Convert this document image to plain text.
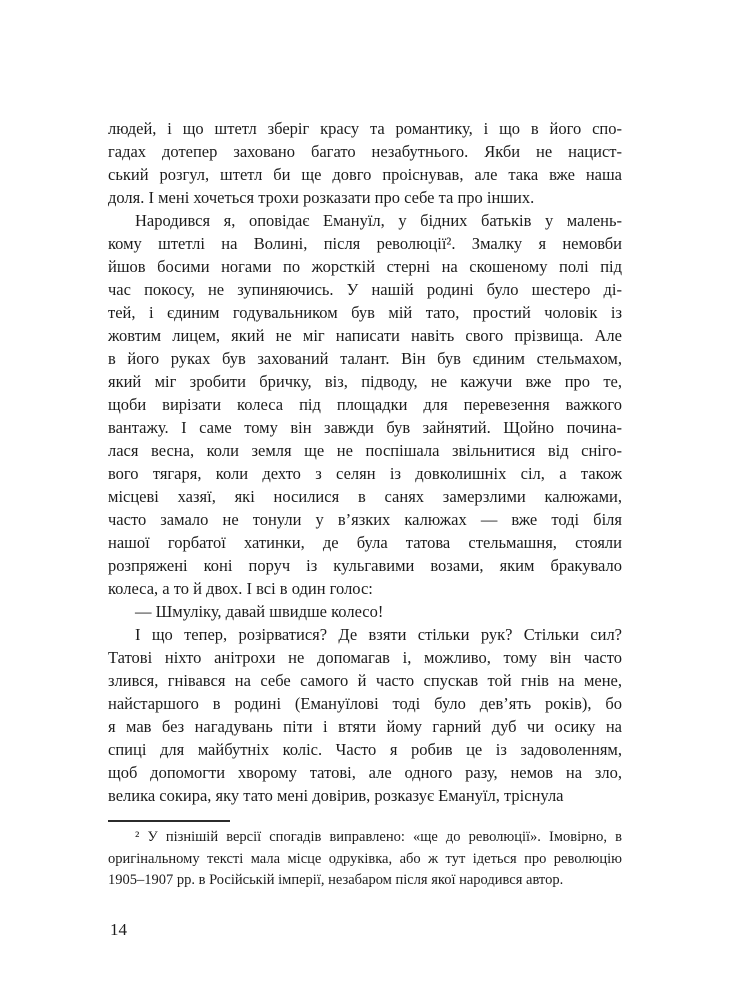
людей, і що штетл зберіг красу та романтику, і що в його спо-
гадах дотепер заховано багато незабутнього. Якби не нацист-
ський розгул, штетл би ще довго проіснував, але така вже наша
доля. І мені хочеться трохи розказати про себе та про інших.
Народився я, оповідає Емануїл, у бідних батьків у малень-
кому штетлі на Волині, після революції². Змалку я немовби
йшов босими ногами по жорсткій стерні на скошеному полі під
час покосу, не зупиняючись. У нашій родині було шестеро ді-
тей, і єдиним годувальником був мій тато, простий чоловік із
жовтим лицем, який не міг написати навіть свого прізвища. Але
в його руках був захований талант. Він був єдиним стельмахом,
який міг зробити бричку, віз, підводу, не кажучи вже про те,
щоби вирізати колеса під площадки для перевезення важкого
вантажу. І саме тому він завжди був зайнятий. Щойно почина-
лася весна, коли земля ще не поспішала звільнитися від сніго-
вого тягаря, коли дехто з селян із довколишніх сіл, а також
місцеві хазяї, які носилися в санях замерзлими калюжами,
часто замало не тонули у в’язких калюжах — вже тоді біля
нашої горбатої хатинки, де була татова стельмашня, стояли
розпряжені коні поруч із кульгавими возами, яким бракувало
колеса, а то й двох. І всі в один голос:
— Шмуліку, давай швидше колесо!
І що тепер, розірватися? Де взяти стільки рук? Стільки сил?
Татові ніхто анітрохи не допомагав і, можливо, тому він часто
злився, гнівався на себе самого й часто спускав той гнів на мене,
найстаршого в родині (Емануїлові тоді було дев’ять років), бо
я мав без нагадувань піти і втяти йому гарний дуб чи осику на
спиці для майбутніх коліс. Часто я робив це із задоволенням,
щоб допомогти хворому татові, але одного разу, немов на зло,
велика сокира, яку тато мені довірив, розказує Емануїл, тріснула
² У пізнішій версії спогадів виправлено: «ще до революції». Імовірно, в
оригінальному тексті мала місце одруківка, або ж тут ідеться про революцію
1905–1907 рр. в Російській імперії, незабаром після якої народився автор.
14
